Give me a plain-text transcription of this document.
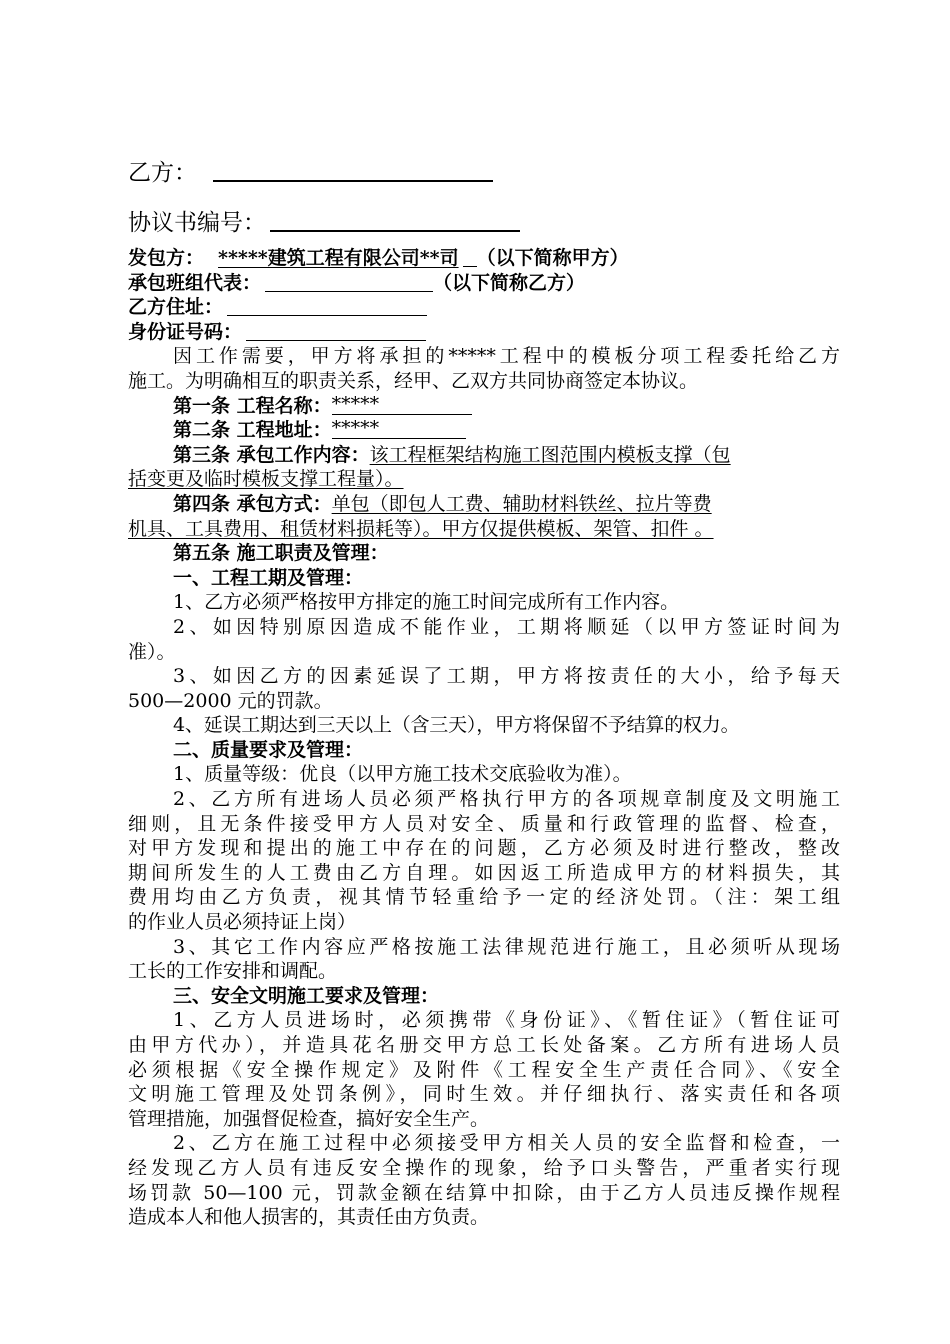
乙方：
协议书编号：
发包方： *****建筑工程有限公司**司 （以下简称甲方）
承包班组代表：	（以下简称乙方）
乙方住址：
身份证号码：
因工作需要，甲方将承担的*****工程中的模板分项工程委托给乙方
施工。为明确相互的职责关系，经甲、乙双方共同协商签定本协议。
第一条 工程名称： *****
第二条 工程地址： *****
第三条 承包工作内容：该工程框架结构施工图范围内模板支撑（包
括变更及临时模板支撑工程量）。
第四条 承包方式：单包（即包人工费、辅助材料铁丝、拉片等费
机具、工具费用、租赁材料损耗等）。甲方仅提供模板、架管、扣件 。
第五条 施工职责及管理：
一、工程工期及管理：
1、乙方必须严格按甲方排定的施工时间完成所有工作内容。
2、如因特别原因造成不能作业，工期将顺延（以甲方签证时间为
准）。
3、如因乙方的因素延误了工期，甲方将按责任的大小，给予每天
500—2000 元的罚款。
4、延误工期达到三天以上（含三天），甲方将保留不予结算的权力。
二、质量要求及管理：
1、质量等级：优良（以甲方施工技术交底验收为准）。
2、乙方所有进场人员必须严格执行甲方的各项规章制度及文明施工
细则，且无条件接受甲方人员对安全、质量和行政管理的监督、检查，
对甲方发现和提出的施工中存在的问题，乙方必须及时进行整改，整改
期间所发生的人工费由乙方自理。如因返工所造成甲方的材料损失，其
费用均由乙方负责，视其情节轻重给予一定的经济处罚。（注：架工组
的作业人员必须持证上岗）
3、其它工作内容应严格按施工法律规范进行施工，且必须听从现场
工长的工作安排和调配。
三、安全文明施工要求及管理：
1、乙方人员进场时，必须携带《身份证》、《暂住证》（暂住证可
由甲方代办），并造具花名册交甲方总工长处备案。乙方所有进场人员
必须根据《安全操作规定》及附件《工程安全生产责任合同》、《安全
文明施工管理及处罚条例》，同时生效。并仔细执行、落实责任和各项
管理措施，加强督促检查，搞好安全生产。
2、乙方在施工过程中必须接受甲方相关人员的安全监督和检查，一
经发现乙方人员有违反安全操作的现象，给予口头警告，严重者实行现
场罚款 50—100 元，罚款金额在结算中扣除，由于乙方人员违反操作规程
造成本人和他人损害的，其责任由方负责。
